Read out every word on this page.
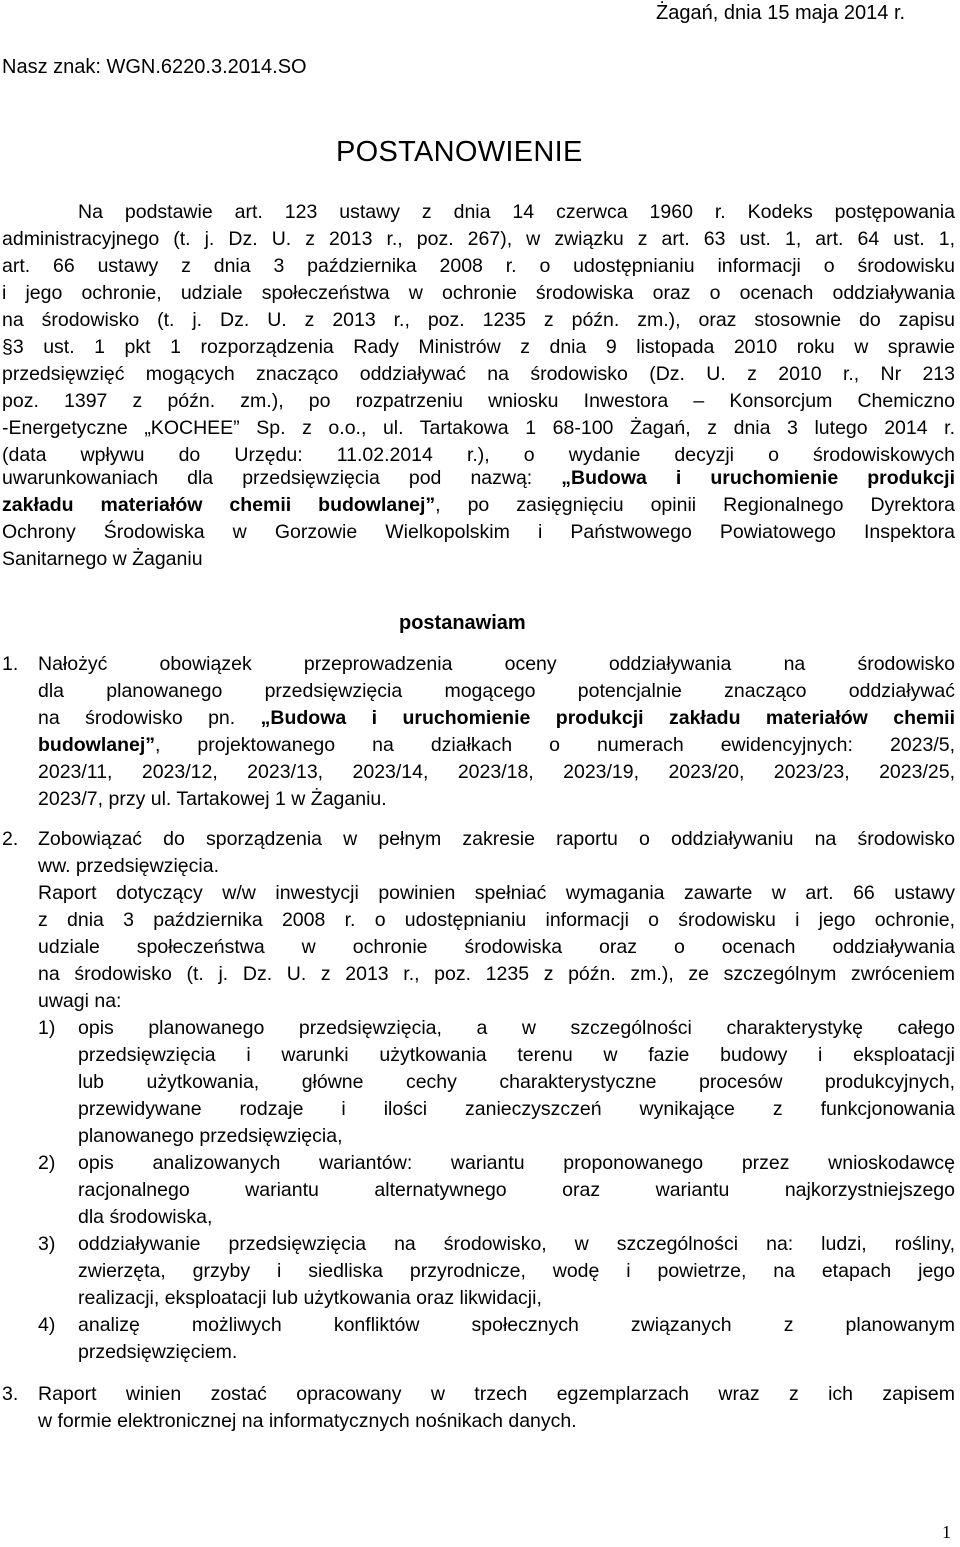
Żagań, dnia 15 maja 2014 r.
Nasz znak: WGN.6220.3.2014.SO
POSTANOWIENIE
Na podstawie art. 123 ustawy z dnia 14 czerwca 1960 r. Kodeks postępowania
administracyjnego (t. j. Dz. U. z 2013 r., poz. 267), w związku z art. 63 ust. 1, art. 64 ust. 1,
art. 66 ustawy z dnia 3 października 2008 r. o udostępnianiu informacji o środowisku
i jego ochronie, udziale społeczeństwa w ochronie środowiska oraz o ocenach oddziaływania
na środowisko (t. j. Dz. U. z 2013 r., poz. 1235 z późn. zm.), oraz stosownie do zapisu
§3 ust. 1 pkt 1 rozporządzenia Rady Ministrów z dnia 9 listopada 2010 roku w sprawie
przedsięwzięć mogących znacząco oddziaływać na środowisko (Dz. U. z 2010 r., Nr 213
poz. 1397 z późn. zm.), po rozpatrzeniu wniosku Inwestora – Konsorcjum Chemiczno
-Energetyczne „KOCHEE” Sp. z o.o., ul. Tartakowa 1 68-100 Żagań, z dnia 3 lutego 2014 r.
(data wpływu do Urzędu: 11.02.2014 r.), o wydanie decyzji o środowiskowych
uwarunkowaniach dla przedsięwzięcia pod nazwą: „Budowa i uruchomienie produkcji
zakładu materiałów chemii budowlanej”, po zasięgnięciu opinii Regionalnego Dyrektora
Ochrony Środowiska w Gorzowie Wielkopolskim i Państwowego Powiatowego Inspektora
Sanitarnego w Żaganiu
postanawiam
1. Nałożyć obowiązek przeprowadzenia oceny oddziaływania na środowisko
dla planowanego przedsięwzięcia mogącego potencjalnie znacząco oddziaływać
na środowisko pn. „Budowa i uruchomienie produkcji zakładu materiałów chemii
budowlanej”, projektowanego na działkach o numerach ewidencyjnych: 2023/5,
2023/11, 2023/12, 2023/13, 2023/14, 2023/18, 2023/19, 2023/20, 2023/23, 2023/25,
2023/7, przy ul. Tartakowej 1 w Żaganiu.
2. Zobowiązać do sporządzenia w pełnym zakresie raportu o oddziaływaniu na środowisko
ww. przedsięwzięcia.
Raport dotyczący w/w inwestycji powinien spełniać wymagania zawarte w art. 66 ustawy
z dnia 3 października 2008 r. o udostępnianiu informacji o środowisku i jego ochronie,
udziale społeczeństwa w ochronie środowiska oraz o ocenach oddziaływania
na środowisko (t. j. Dz. U. z 2013 r., poz. 1235 z późn. zm.), ze szczególnym zwróceniem
uwagi na:
1) opis planowanego przedsięwzięcia, a w szczególności charakterystykę całego
przedsięwzięcia i warunki użytkowania terenu w fazie budowy i eksploatacji
lub użytkowania, główne cechy charakterystyczne procesów produkcyjnych,
przewidywane rodzaje i ilości zanieczyszczeń wynikające z funkcjonowania
planowanego przedsięwzięcia,
2) opis analizowanych wariantów: wariantu proponowanego przez wnioskodawcę
racjonalnego wariantu alternatywnego oraz wariantu najkorzystniejszego
dla środowiska,
3) oddziaływanie przedsięwzięcia na środowisko, w szczególności na: ludzi, rośliny,
zwierzęta, grzyby i siedliska przyrodnicze, wodę i powietrze, na etapach jego
realizacji, eksploatacji lub użytkowania oraz likwidacji,
4) analizę możliwych konfliktów społecznych związanych z planowanym
przedsięwzięciem.
3. Raport winien zostać opracowany w trzech egzemplarzach wraz z ich zapisem
w formie elektronicznej na informatycznych nośnikach danych.
1
